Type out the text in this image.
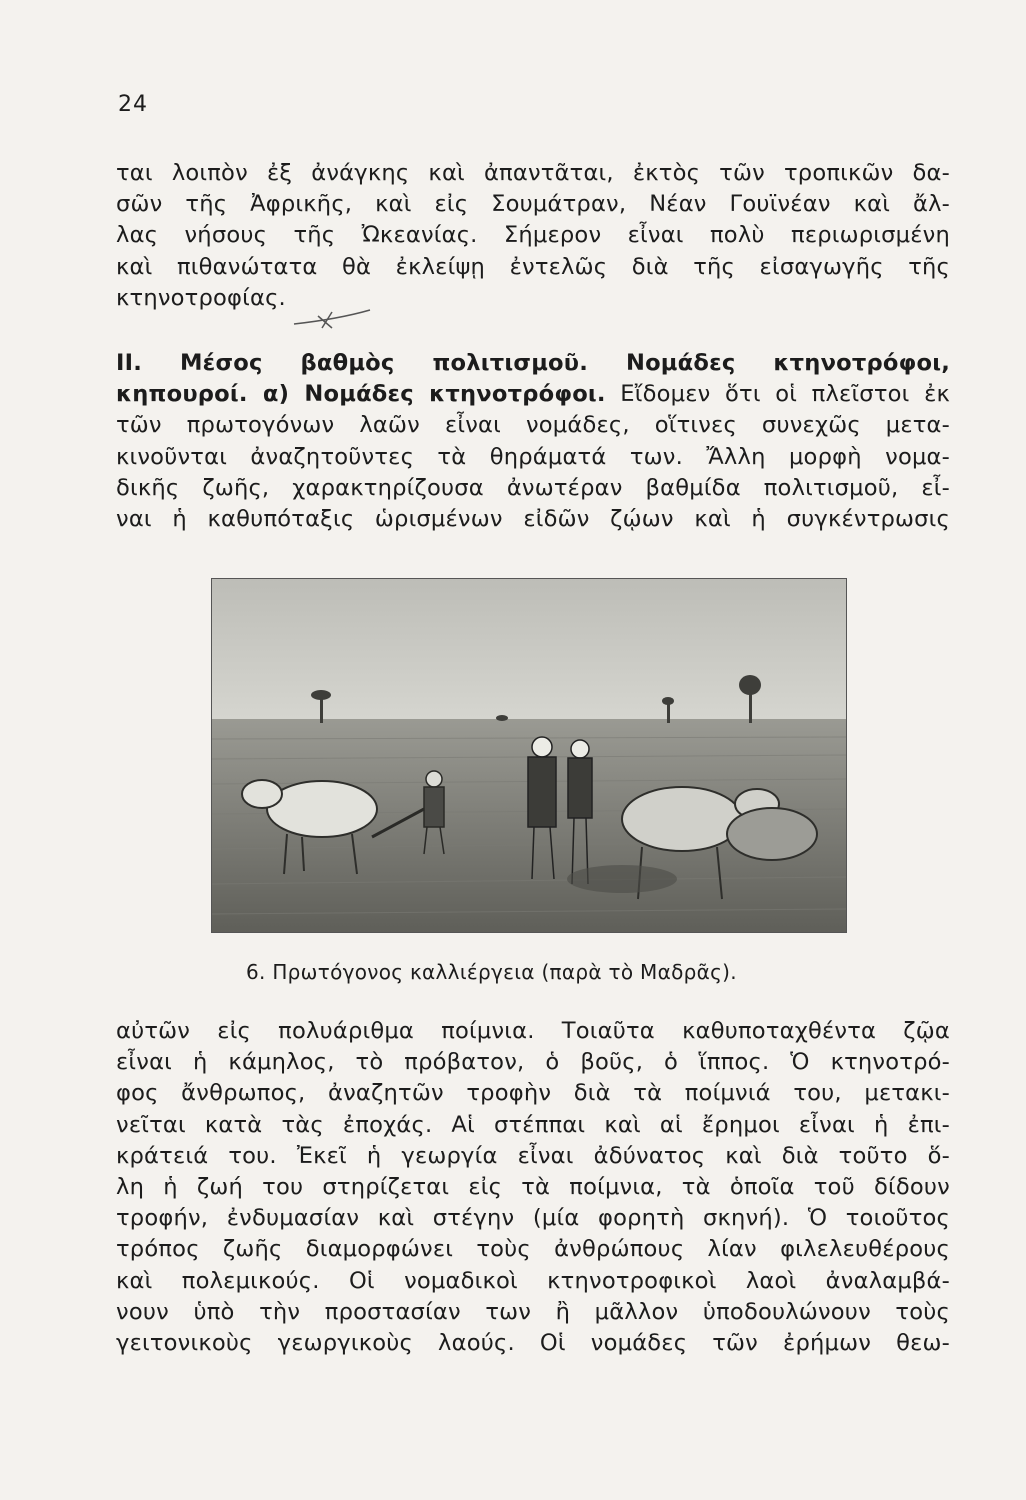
24

ται λοιπὸν ἐξ ἀνάγκης καὶ ἀπαντᾶται, ἐκτὸς τῶν τροπικῶν δα-
σῶν τῆς Ἀφρικῆς, καὶ εἰς Σουμάτραν, Νέαν Γουϊνέαν καὶ ἄλ-
λας νήσους τῆς Ὠκεανίας. Σήμερον εἶναι πολὺ περιωρισμένη
καὶ πιθανώτατα θὰ ἐκλείψῃ ἐντελῶς διὰ τῆς εἰσαγωγῆς τῆς
κτηνοτροφίας.

II. Μέσος βαθμὸς πολιτισμοῦ. Νομάδες κτηνοτρόφοι,
κηπουροί. α) Νομάδες κτηνοτρόφοι. Εἴδομεν ὅτι οἱ πλεῖστοι ἐκ
τῶν πρωτογόνων λαῶν εἶναι νομάδες, οἵτινες συνεχῶς μετα-
κινοῦνται ἀναζητοῦντες τὰ θηράματά των. Ἄλλη μορφὴ νομα-
δικῆς ζωῆς, χαρακτηρίζουσα ἀνωτέραν βαθμίδα πολιτισμοῦ, εἶ-
ναι ἡ καθυπόταξις ὡρισμένων εἰδῶν ζῴων καὶ ἡ συγκέντρωσις

6. Πρωτόγονος καλλιέργεια (παρὰ τὸ Μαδρᾶς).

αὐτῶν εἰς πολυάριθμα ποίμνια. Τοιαῦτα καθυποταχθέντα ζῷα
εἶναι ἡ κάμηλος, τὸ πρόβατον, ὁ βοῦς, ὁ ἵππος. Ὁ κτηνοτρό-
φος ἄνθρωπος, ἀναζητῶν τροφὴν διὰ τὰ ποίμνιά του, μετακι-
νεῖται κατὰ τὰς ἐποχάς. Αἱ στέππαι καὶ αἱ ἔρημοι εἶναι ἡ ἐπι-
κράτειά του. Ἐκεῖ ἡ γεωργία εἶναι ἀδύνατος καὶ διὰ τοῦτο ὅ-
λη ἡ ζωή του στηρίζεται εἰς τὰ ποίμνια, τὰ ὁποῖα τοῦ δίδουν
τροφήν, ἐνδυμασίαν καὶ στέγην (μία φορητὴ σκηνή). Ὁ τοιοῦτος
τρόπος ζωῆς διαμορφώνει τοὺς ἀνθρώπους λίαν φιλελευθέρους
καὶ πολεμικούς. Οἱ νομαδικοὶ κτηνοτροφικοὶ λαοὶ ἀναλαμβά-
νουν ὑπὸ τὴν προστασίαν των ἢ μᾶλλον ὑποδουλώνουν τοὺς
γειτονικοὺς γεωργικοὺς λαούς. Οἱ νομάδες τῶν ἐρήμων θεω-
